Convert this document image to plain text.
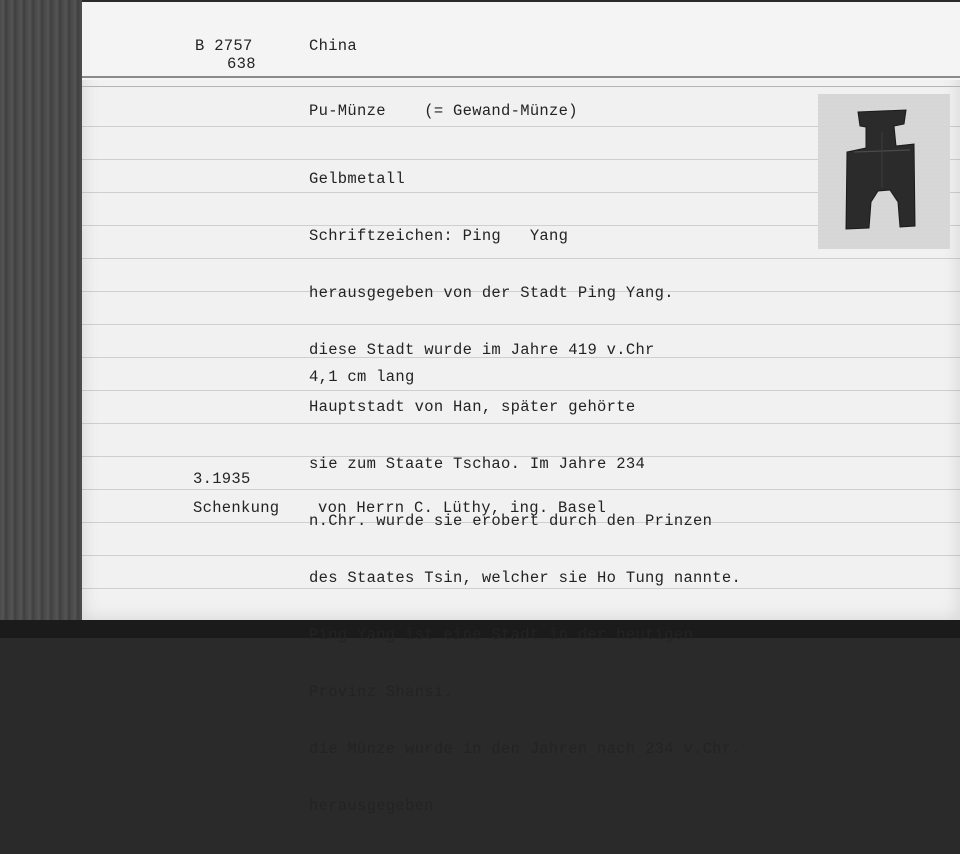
B 2757

638

China

Pu-Münze    (= Gewand-Münze)

Gelbmetall

Schriftzeichen: Ping   Yang

herausgegeben von der Stadt Ping Yang.

diese Stadt wurde im Jahre 419 v.Chr

Hauptstadt von Han, später gehörte

sie zum Staate Tschao. Im Jahre 234

n.Chr. wurde sie erobert durch den Prinzen

des Staates Tsin, welcher sie Ho Tung nannte.

Ping Yang ist eine Stadt in der heutigen

Provinz Shansi.

die Münze wurde in den Jahren nach 234 v.Chr.

herausgegeben

4,1 cm lang

3.1935

Schenkung von Herrn C. Lüthy, ing. Basel
